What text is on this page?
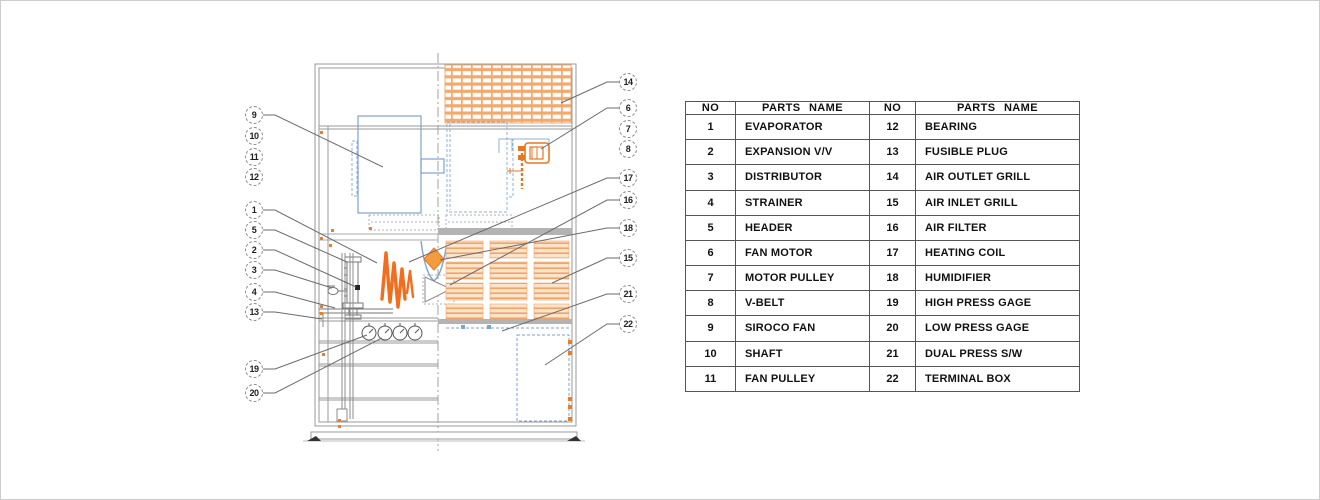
9
10
11
12
1
5
2
3
4
13
19
20
14
6
7
8
17
16
18
15
21
22
NO	PARTS NAME	NO	PARTS NAME
1	EVAPORATOR	12	BEARING
2	EXPANSION V/V	13	FUSIBLE PLUG
3	DISTRIBUTOR	14	AIR OUTLET GRILL
4	STRAINER	15	AIR INLET GRILL
5	HEADER	16	AIR FILTER
6	FAN MOTOR	17	HEATING COIL
7	MOTOR PULLEY	18	HUMIDIFIER
8	V-BELT	19	HIGH PRESS GAGE
9	SIROCO FAN	20	LOW PRESS GAGE
10	SHAFT	21	DUAL PRESS S/W
11	FAN PULLEY	22	TERMINAL BOX
